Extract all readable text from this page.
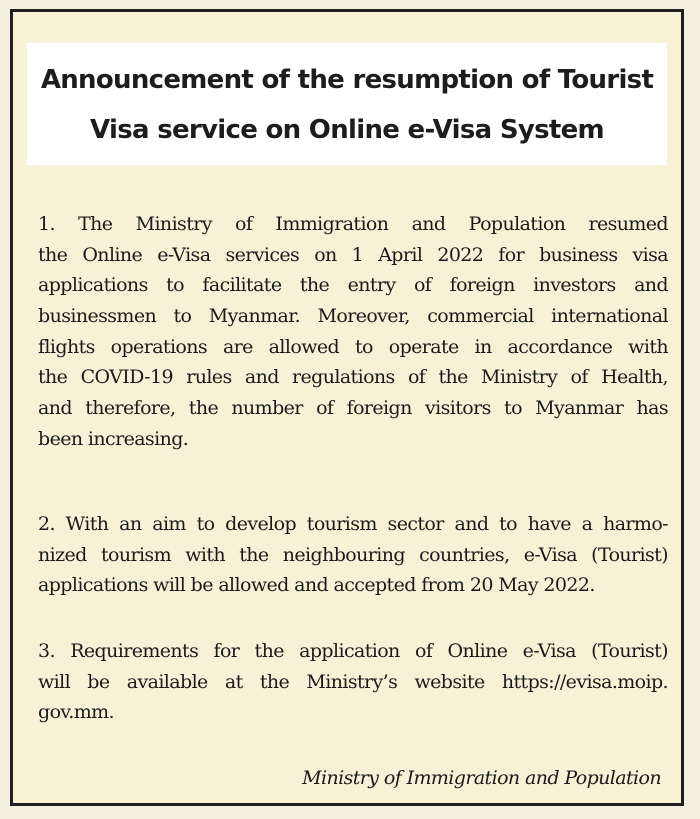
Announcement of the resumption of Tourist
Visa service on Online e-Visa System

1. The Ministry of Immigration and Population resumed
the Online e-Visa services on 1 April 2022 for business visa
applications to facilitate the entry of foreign investors and
businessmen to Myanmar. Moreover, commercial international
flights operations are allowed to operate in accordance with
the COVID-19 rules and regulations of the Ministry of Health,
and therefore, the number of foreign visitors to Myanmar has
been increasing.

2. With an aim to develop tourism sector and to have a harmo-
nized tourism with the neighbouring countries, e-Visa (Tourist)
applications will be allowed and accepted from 20 May 2022.

3. Requirements for the application of Online e-Visa (Tourist)
will be available at the Ministry’s website https://evisa.moip.
gov.mm.

Ministry of Immigration and Population
